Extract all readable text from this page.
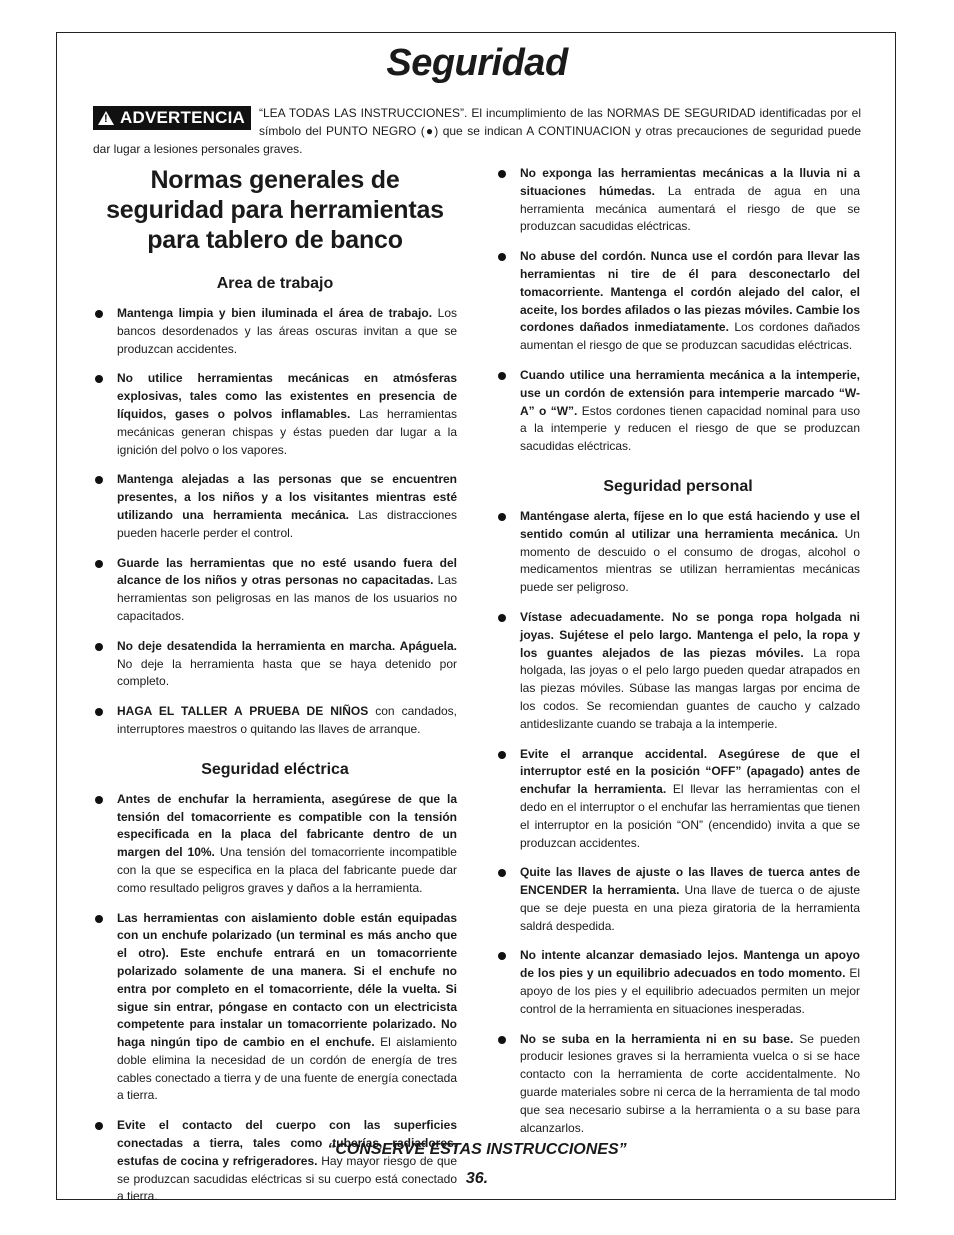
Seguridad
! ADVERTENCIA	“LEA TODAS LAS INSTRUCCIONES”. El incumplimiento de las NORMAS DE SEGURIDAD identificadas por el símbolo del PUNTO NEGRO (●) que se indican A CONTINUACION y otras precauciones de seguridad puede dar lugar a lesiones personales graves.
Normas generales de seguridad para herramientas para tablero de banco
Area de trabajo
Mantenga limpia y bien iluminada el área de trabajo. Los bancos desordenados y las áreas oscuras invitan a que se produzcan accidentes.
No utilice herramientas mecánicas en atmósferas explosivas, tales como las existentes en presencia de líquidos, gases o polvos inflamables. Las herramientas mecánicas generan chispas y éstas pueden dar lugar a la ignición del polvo o los vapores.
Mantenga alejadas a las personas que se encuentren presentes, a los niños y a los visitantes mientras esté utilizando una herramienta mecánica. Las distracciones pueden hacerle perder el control.
Guarde las herramientas que no esté usando fuera del alcance de los niños y otras personas no capacitadas. Las herramientas son peligrosas en las manos de los usuarios no capacitados.
No deje desatendida la herramienta en marcha. Apáguela. No deje la herramienta hasta que se haya detenido por completo.
HAGA EL TALLER A PRUEBA DE NIÑOS con candados, interruptores maestros o quitando las llaves de arranque.
Seguridad eléctrica
Antes de enchufar la herramienta, asegúrese de que la tensión del tomacorriente es compatible con la tensión especificada en la placa del fabricante dentro de un margen del 10%. Una tensión del tomacorriente incompatible con la que se especifica en la placa del fabricante puede dar como resultado peligros graves y daños a la herramienta.
Las herramientas con aislamiento doble están equipadas con un enchufe polarizado (un terminal es más ancho que el otro). Este enchufe entrará en un tomacorriente polarizado solamente de una manera. Si el enchufe no entra por completo en el tomacorriente, déle la vuelta. Si sigue sin entrar, póngase en contacto con un electricista competente para instalar un tomacorriente polarizado. No haga ningún tipo de cambio en el enchufe. El aislamiento doble elimina la necesidad de un cordón de energía de tres cables conectado a tierra y de una fuente de energía conectada a tierra.
Evite el contacto del cuerpo con las superficies conectadas a tierra, tales como tuberías, radiadores, estufas de cocina y refrigeradores. Hay mayor riesgo de que se produzcan sacudidas eléctricas si su cuerpo está conectado a tierra.
No exponga las herramientas mecánicas a la lluvia ni a situaciones húmedas. La entrada de agua en una herramienta mecánica aumentará el riesgo de que se produzcan sacudidas eléctricas.
No abuse del cordón. Nunca use el cordón para llevar las herramientas ni tire de él para desconectarlo del tomacorriente. Mantenga el cordón alejado del calor, el aceite, los bordes afilados o las piezas móviles. Cambie los cordones dañados inmediatamente. Los cordones dañados aumentan el riesgo de que se produzcan sacudidas eléctricas.
Cuando utilice una herramienta mecánica a la intemperie, use un cordón de extensión para intemperie marcado “W-A” o “W”. Estos cordones tienen capacidad nominal para uso a la intemperie y reducen el riesgo de que se produzcan sacudidas eléctricas.
Seguridad personal
Manténgase alerta, fíjese en lo que está haciendo y use el sentido común al utilizar una herramienta mecánica. Un momento de descuido o el consumo de drogas, alcohol o medicamentos mientras se utilizan herramientas mecánicas puede ser peligroso.
Vístase adecuadamente. No se ponga ropa holgada ni joyas. Sujétese el pelo largo. Mantenga el pelo, la ropa y los guantes alejados de las piezas móviles. La ropa holgada, las joyas o el pelo largo pueden quedar atrapados en las piezas móviles. Súbase las mangas largas por encima de los codos. Se recomiendan guantes de caucho y calzado antideslizante cuando se trabaja a la intemperie.
Evite el arranque accidental. Asegúrese de que el interruptor esté en la posición “OFF” (apagado) antes de enchufar la herramienta. El llevar las herramientas con el dedo en el interruptor o el enchufar las herramientas que tienen el interruptor en la posición “ON” (encendido) invita a que se produzcan accidentes.
Quite las llaves de ajuste o las llaves de tuerca antes de ENCENDER la herramienta. Una llave de tuerca o de ajuste que se deje puesta en una pieza giratoria de la herramienta saldrá despedida.
No intente alcanzar demasiado lejos. Mantenga un apoyo de los pies y un equilibrio adecuados en todo momento. El apoyo de los pies y el equilibrio adecuados permiten un mejor control de la herramienta en situaciones inesperadas.
No se suba en la herramienta ni en su base. Se pueden producir lesiones graves si la herramienta vuelca o si se hace contacto con la herramienta de corte accidentalmente. No guarde materiales sobre ni cerca de la herramienta de tal modo que sea necesario subirse a la herramienta o a su base para alcanzarlos.
“CONSERVE ESTAS INSTRUCCIONES”
36.
